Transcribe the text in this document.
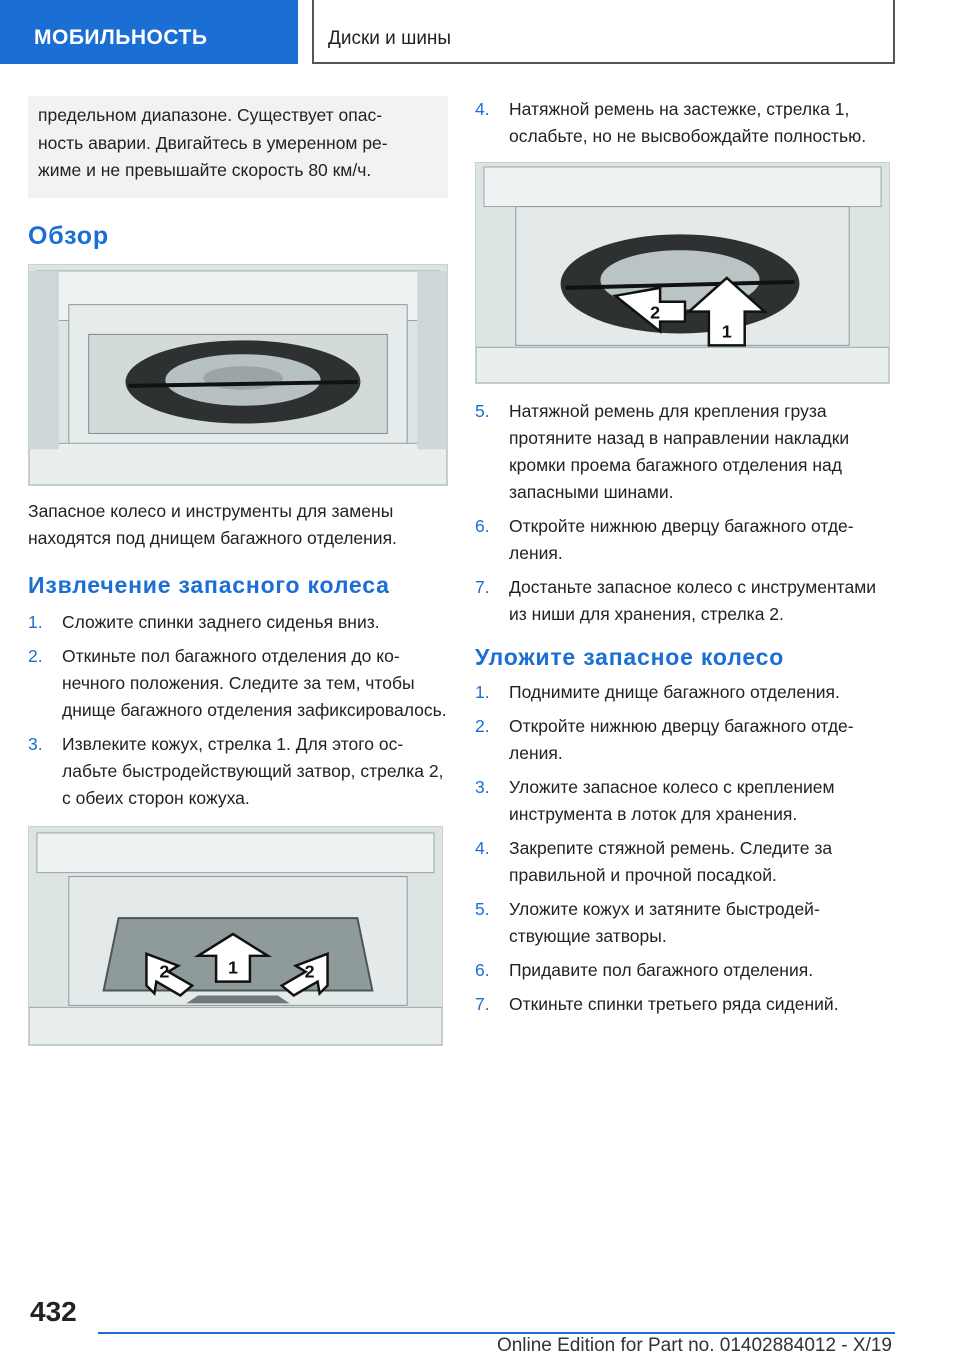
МОБИЛЬНОСТЬ	Диски и шины

предельном диапазоне. Существует опас-

ность аварии. Двигайтесь в умеренном ре-

жиме и не превышайте скорость 80 км/ч.

Обзор

Запасное колесо и инструменты для замены находятся под днищем багажного отделения.

Извлечение запасного колеса
1. Сложите спинки заднего сиденья вниз.
2. Откиньте пол багажного отделения до конечного положения. Следите за тем, чтобы днище багажного отделения зафиксировалось.
3. Извлеките кожух, стрелка 1. Для этого ослабьте быстродействующий затвор, стрелка 2, с обеих сторон кожуха.
1
2	2
4. Натяжной ремень на застежке, стрелка 1, ослабьте, но не высвобождайте полностью.
1
2
5. Натяжной ремень для крепления груза протяните назад в направлении накладки кромки проема багажного отделения над запасными шинами.
6. Откройте нижнюю дверцу багажного отделения.
7. Достаньте запасное колесо с инструментами из ниши для хранения, стрелка 2.
Уложите запасное колесо
1. Поднимите днище багажного отделения.
2. Откройте нижнюю дверцу багажного отделения.
3. Уложите запасное колесо с креплением инструмента в лоток для хранения.
4. Закрепите стяжной ремень. Следите за правильной и прочной посадкой.
5. Уложите кожух и затяните быстродействующие затворы.
6. Придавите пол багажного отделения.
7. Откиньте спинки третьего ряда сидений.
432
Online Edition for Part no. 01402884012 - X/19
